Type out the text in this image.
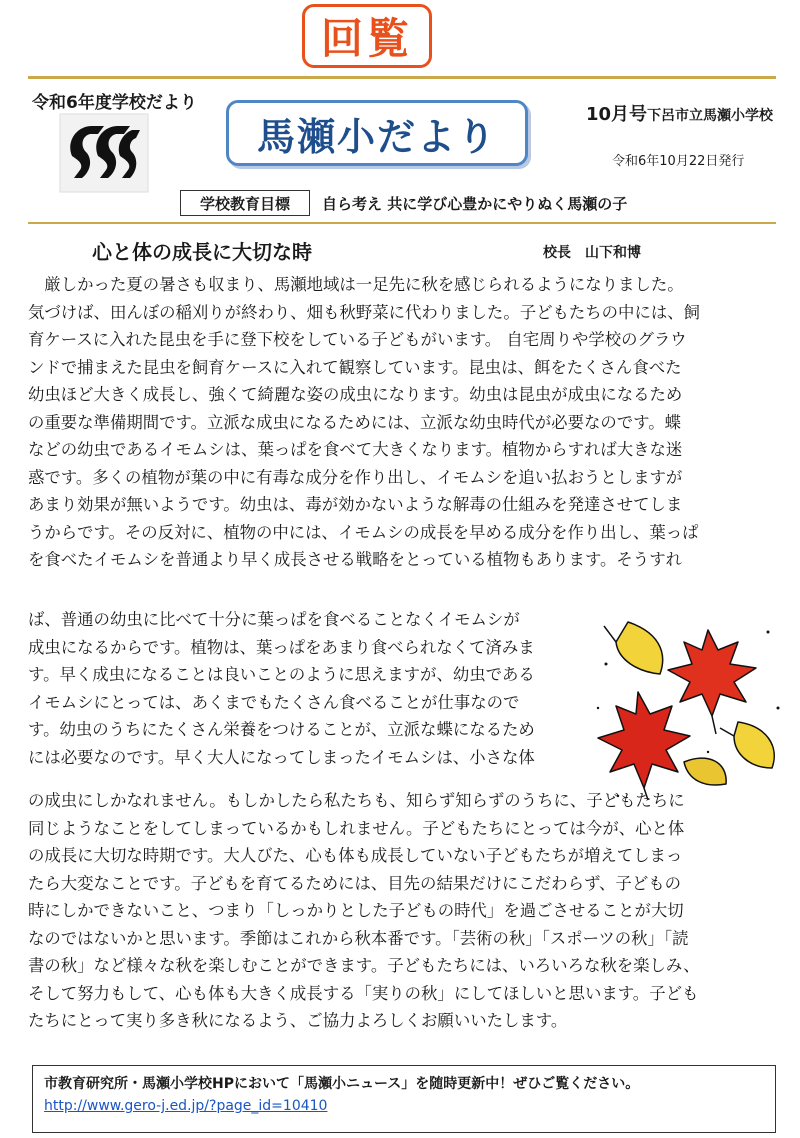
回覧
令和6年度学校だより
馬瀬小だより	10月号下呂市立馬瀬小学校
令和6年10月22日発行
学校教育目標	自ら考え 共に学び心豊かにやりぬく馬瀬の子
心と体の成長に大切な時	校長　山下和博
　厳しかった夏の暑さも収まり、馬瀬地域は一足先に秋を感じられるようになりました。
気づけば、田んぼの稲刈りが終わり、畑も秋野菜に代わりました。子どもたちの中には、飼
育ケースに入れた昆虫を手に登下校をしている子どもがいます。 自宅周りや学校のグラウ
ンドで捕まえた昆虫を飼育ケースに入れて観察しています。昆虫は、餌をたくさん食べた
幼虫ほど大きく成長し、強くて綺麗な姿の成虫になります。幼虫は昆虫が成虫になるため
の重要な準備期間です。立派な成虫になるためには、立派な幼虫時代が必要なのです。蝶
などの幼虫であるイモムシは、葉っぱを食べて大きくなります。植物からすれば大きな迷
惑です。多くの植物が葉の中に有毒な成分を作り出し、イモムシを追い払おうとしますが
あまり効果が無いようです。幼虫は、毒が効かないような解毒の仕組みを発達させてしま
うからです。その反対に、植物の中には、イモムシの成長を早める成分を作り出し、葉っぱ
を食べたイモムシを普通より早く成長させる戦略をとっている植物もあります。そうすれ
ば、普通の幼虫に比べて十分に葉っぱを食べることなくイモムシが
成虫になるからです。植物は、葉っぱをあまり食べられなくて済みま
す。早く成虫になることは良いことのように思えますが、幼虫である
イモムシにとっては、あくまでもたくさん食べることが仕事なので
す。幼虫のうちにたくさん栄養をつけることが、立派な蝶になるため
には必要なのです。早く大人になってしまったイモムシは、小さな体
の成虫にしかなれません。もしかしたら私たちも、知らず知らずのうちに、子どもたちに
同じようなことをしてしまっているかもしれません。子どもたちにとっては今が、心と体
の成長に大切な時期です。大人びた、心も体も成長していない子どもたちが増えてしまっ
たら大変なことです。子どもを育てるためには、目先の結果だけにこだわらず、子どもの
時にしかできないこと、つまり「しっかりとした子どもの時代」を過ごさせることが大切
なのではないかと思います。季節はこれから秋本番です。「芸術の秋」「スポーツの秋」「読
書の秋」など様々な秋を楽しむことができます。子どもたちには、いろいろな秋を楽しみ、
そして努力もして、心も体も大きく成長する「実りの秋」にしてほしいと思います。子ども
たちにとって実り多き秋になるよう、ご協力よろしくお願いいたします。
市教育研究所・馬瀬小学校HPにおいて「馬瀬小ニュース」を随時更新中！ぜひご覧ください。
http://www.gero-j.ed.jp/?page_id=10410
